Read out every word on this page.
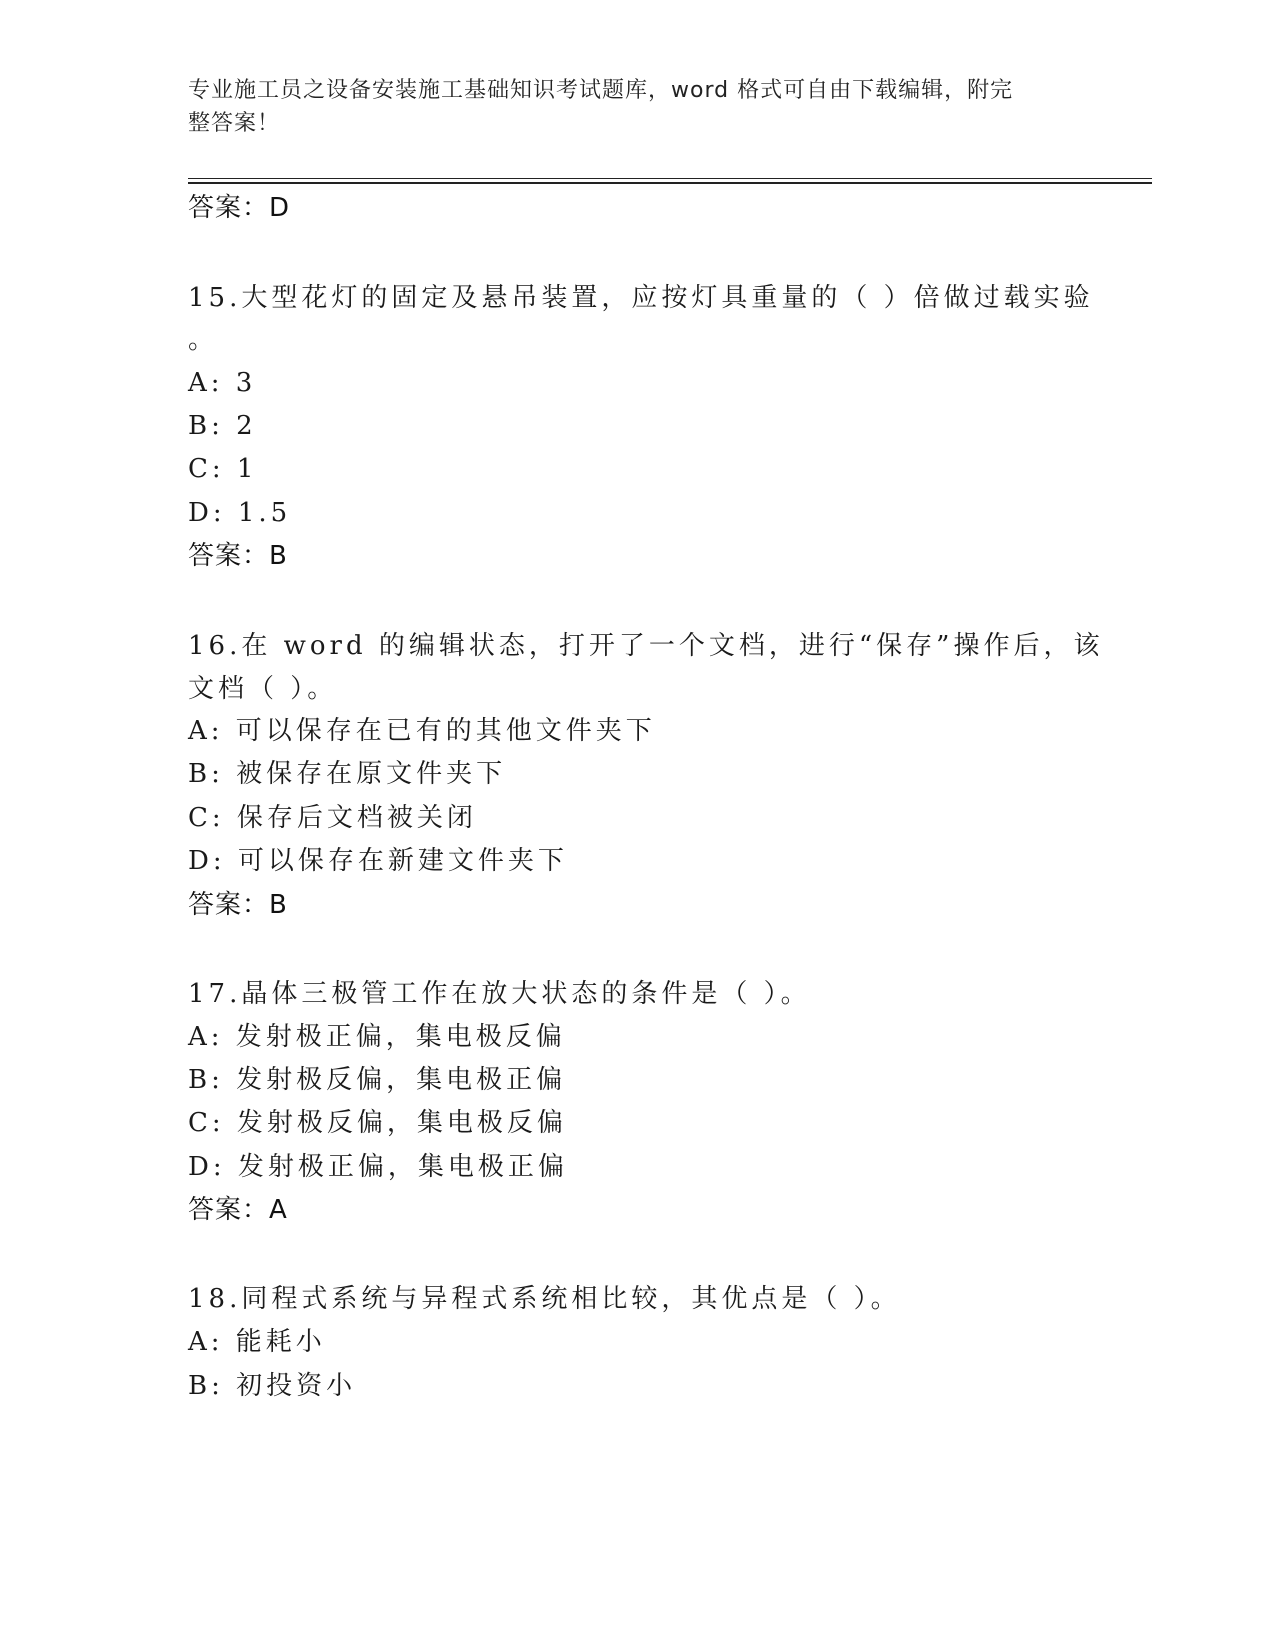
专业施工员之设备安装施工基础知识考试题库，word 格式可自由下载编辑，附完
整答案！
答案：D
15.大型花灯的固定及悬吊装置，应按灯具重量的（ ）倍做过载实验
。
A: 3
B: 2
C: 1
D: 1.5
答案：B
16.在 word 的编辑状态，打开了一个文档，进行“保存”操作后，该
文档（ ）。
A: 可以保存在已有的其他文件夹下
B: 被保存在原文件夹下
C: 保存后文档被关闭
D: 可以保存在新建文件夹下
答案：B
17.晶体三极管工作在放大状态的条件是（ ）。
A: 发射极正偏，集电极反偏
B: 发射极反偏，集电极正偏
C: 发射极反偏，集电极反偏
D: 发射极正偏，集电极正偏
答案：A
18.同程式系统与异程式系统相比较，其优点是（ ）。
A: 能耗小
B: 初投资小
